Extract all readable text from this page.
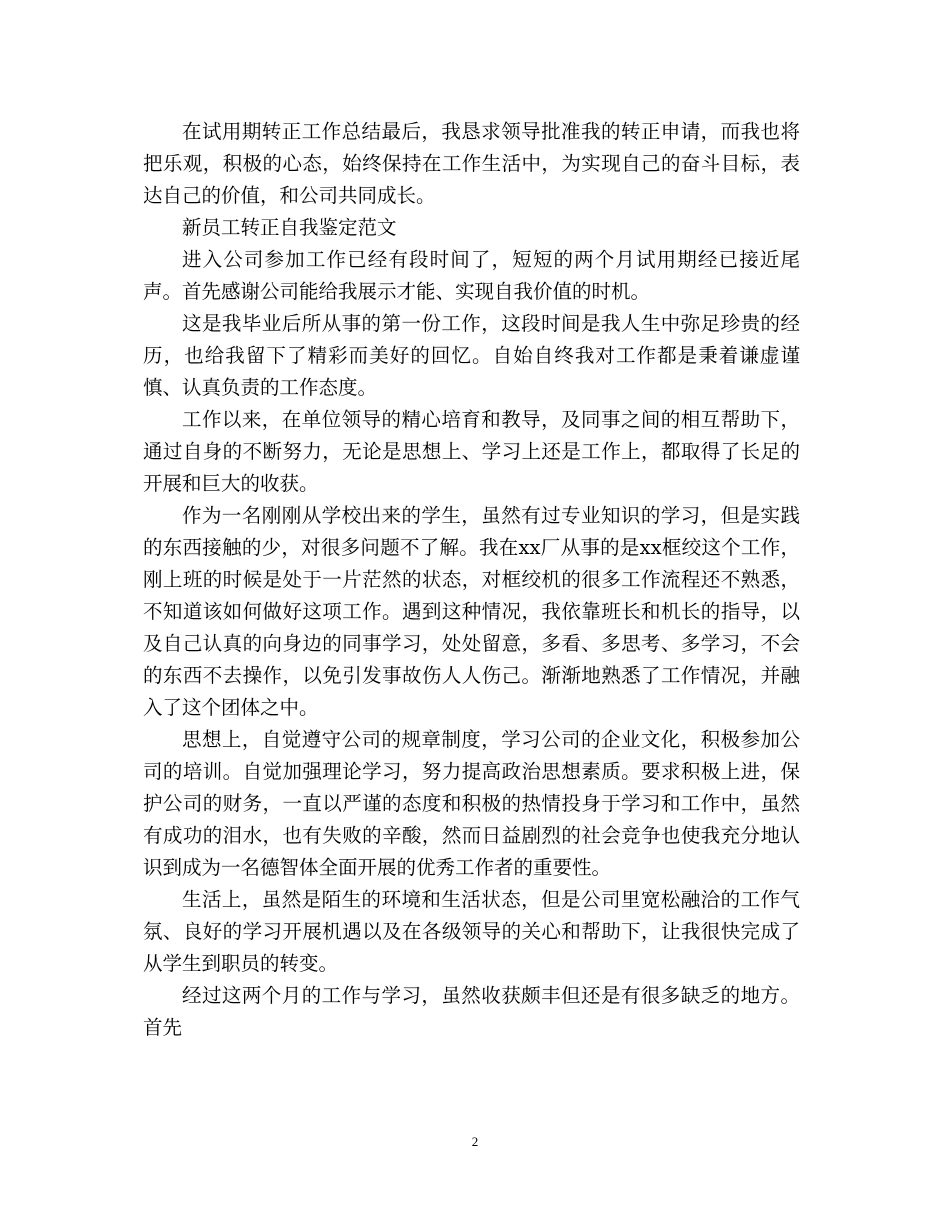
在试用期转正工作总结最后，我恳求领导批准我的转正申请，而我也将把乐观，积极的心态，始终保持在工作生活中，为实现自己的奋斗目标，表达自己的价值，和公司共同成长。

新员工转正自我鉴定范文

进入公司参加工作已经有段时间了，短短的两个月试用期经已接近尾声。首先感谢公司能给我展示才能、实现自我价值的时机。

这是我毕业后所从事的第一份工作，这段时间是我人生中弥足珍贵的经历，也给我留下了精彩而美好的回忆。自始自终我对工作都是秉着谦虚谨慎、认真负责的工作态度。

工作以来，在单位领导的精心培育和教导，及同事之间的相互帮助下，通过自身的不断努力，无论是思想上、学习上还是工作上，都取得了长足的开展和巨大的收获。

作为一名刚刚从学校出来的学生，虽然有过专业知识的学习，但是实践的东西接触的少，对很多问题不了解。我在xx厂从事的是xx框绞这个工作，刚上班的时候是处于一片茫然的状态，对框绞机的很多工作流程还不熟悉，不知道该如何做好这项工作。遇到这种情况，我依靠班长和机长的指导，以及自己认真的向身边的同事学习，处处留意，多看、多思考、多学习，不会的东西不去操作，以免引发事故伤人人伤己。渐渐地熟悉了工作情况，并融入了这个团体之中。

思想上，自觉遵守公司的规章制度，学习公司的企业文化，积极参加公司的培训。自觉加强理论学习，努力提高政治思想素质。要求积极上进，保护公司的财务，一直以严谨的态度和积极的热情投身于学习和工作中，虽然有成功的泪水，也有失败的辛酸，然而日益剧烈的社会竞争也使我充分地认识到成为一名德智体全面开展的优秀工作者的重要性。

生活上，虽然是陌生的环境和生活状态，但是公司里宽松融洽的工作气氛、良好的学习开展机遇以及在各级领导的关心和帮助下，让我很快完成了从学生到职员的转变。

经过这两个月的工作与学习，虽然收获颇丰但还是有很多缺乏的地方。首先

2
